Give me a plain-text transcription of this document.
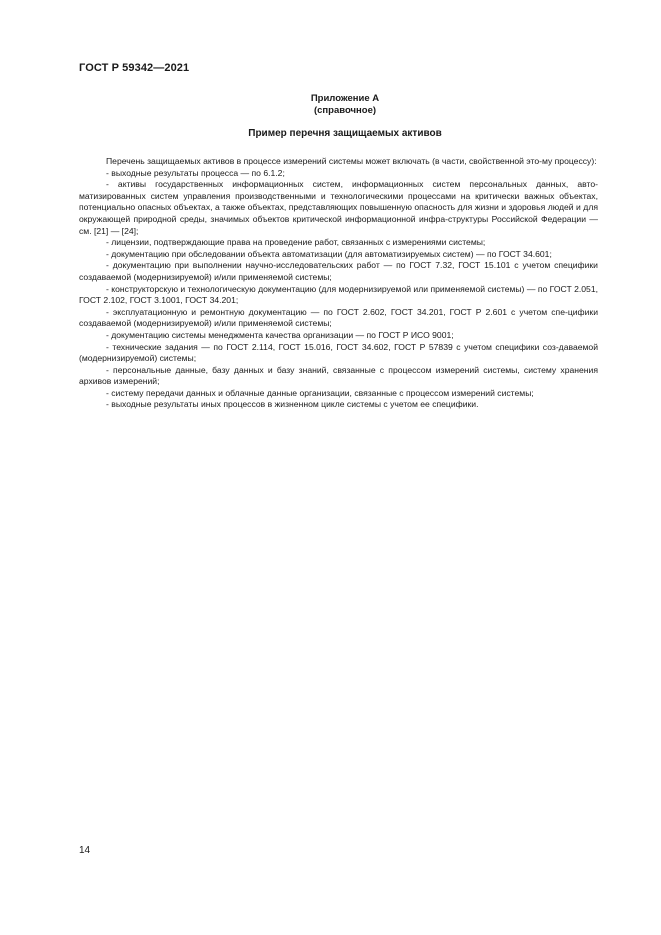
ГОСТ Р 59342—2021
Приложение А
(справочное)
Пример перечня защищаемых активов

Перечень защищаемых активов в процессе измерений системы может включать (в части, свойственной это-му процессу):

- выходные результаты процесса — по 6.1.2;

- активы государственных информационных систем, информационных систем персональных данных, авто-матизированных систем управления производственными и технологическими процессами на критически важных объектах, потенциально опасных объектах, а также объектах, представляющих повышенную опасность для жизни и здоровья людей и для окружающей природной среды, значимых объектов критической информационной инфра-структуры Российской Федерации — см. [21] — [24];

- лицензии, подтверждающие права на проведение работ, связанных с измерениями системы;

- документацию при обследовании объекта автоматизации (для автоматизируемых систем) — по ГОСТ 34.601;

- документацию при выполнении научно-исследовательских работ — по ГОСТ 7.32, ГОСТ 15.101 с учетом специфики создаваемой (модернизируемой) и/или применяемой системы;

- конструкторскую и технологическую документацию (для модернизируемой или применяемой системы) — по ГОСТ 2.051, ГОСТ 2.102, ГОСТ 3.1001, ГОСТ 34.201;

- эксплуатационную и ремонтную документацию — по ГОСТ 2.602, ГОСТ 34.201, ГОСТ Р 2.601 с учетом спе-цифики создаваемой (модернизируемой) и/или применяемой системы;

- документацию системы менеджмента качества организации — по ГОСТ Р ИСО 9001;

- технические задания — по ГОСТ 2.114, ГОСТ 15.016, ГОСТ 34.602, ГОСТ Р 57839 с учетом специфики соз-даваемой (модернизируемой) системы;

- персональные данные, базу данных и базу знаний, связанные с процессом измерений системы, систему хранения архивов измерений;

- систему передачи данных и облачные данные организации, связанные с процессом измерений системы;

- выходные результаты иных процессов в жизненном цикле системы с учетом ее специфики.

14
